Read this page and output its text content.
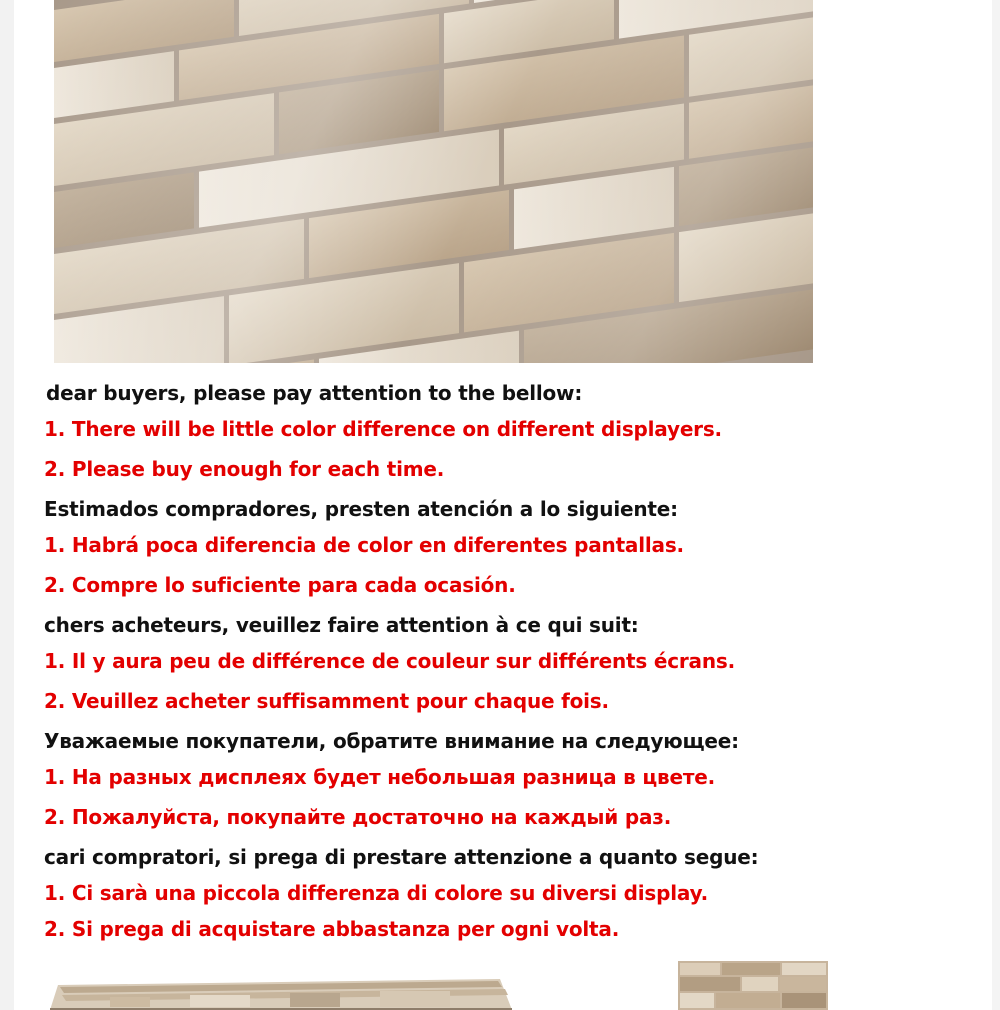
dear buyers, please pay attention to the bellow:
1. There will be little color difference on different displayers.
2. Please buy enough for each time.
Estimados compradores, presten atención a lo siguiente:
1. Habrá poca diferencia de color en diferentes pantallas.
2. Compre lo suficiente para cada ocasión.
chers acheteurs, veuillez faire attention à ce qui suit:
1. Il y aura peu de différence de couleur sur différents écrans.
2. Veuillez acheter suffisamment pour chaque fois.
Уважаемые покупатели, обратите внимание на следующее:
1. На разных дисплеях будет небольшая разница в цвете.
2. Пожалуйста, покупайте достаточно на каждый раз.
cari compratori, si prega di prestare attenzione a quanto segue:
1. Ci sarà una piccola differenza di colore su diversi display.
2. Si prega di acquistare abbastanza per ogni volta.
